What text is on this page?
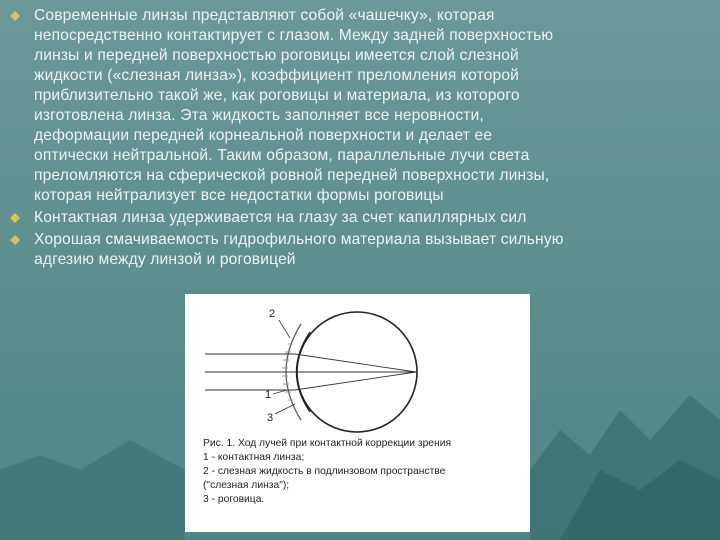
Современные линзы представляют собой «чашечку», которая
непосредственно контактирует с глазом. Между задней поверхностью
линзы и передней поверхностью роговицы имеется слой слезной
жидкости («слезная линза»), коэффициент преломления которой
приблизительно такой же, как роговицы и материала, из которого
изготовлена линза. Эта жидкость заполняет все неровности,
деформации передней корнеальной поверхности и делает ее
оптически нейтральной. Таким образом, параллельные лучи света
преломляются на сферической ровной передней поверхности линзы,
которая нейтрализует все недостатки формы роговицы
Контактная линза удерживается на глазу за счет капиллярных сил
Хорошая смачиваемость гидрофильного материала вызывает сильную
адгезию между линзой и роговицей
2
1
3
Рис. 1. Ход лучей при контактной коррекции зрения
1 - контактная линза;
2 - слезная жидкость в подлинзовом пространстве
("слезная линза");
3 - роговица.
